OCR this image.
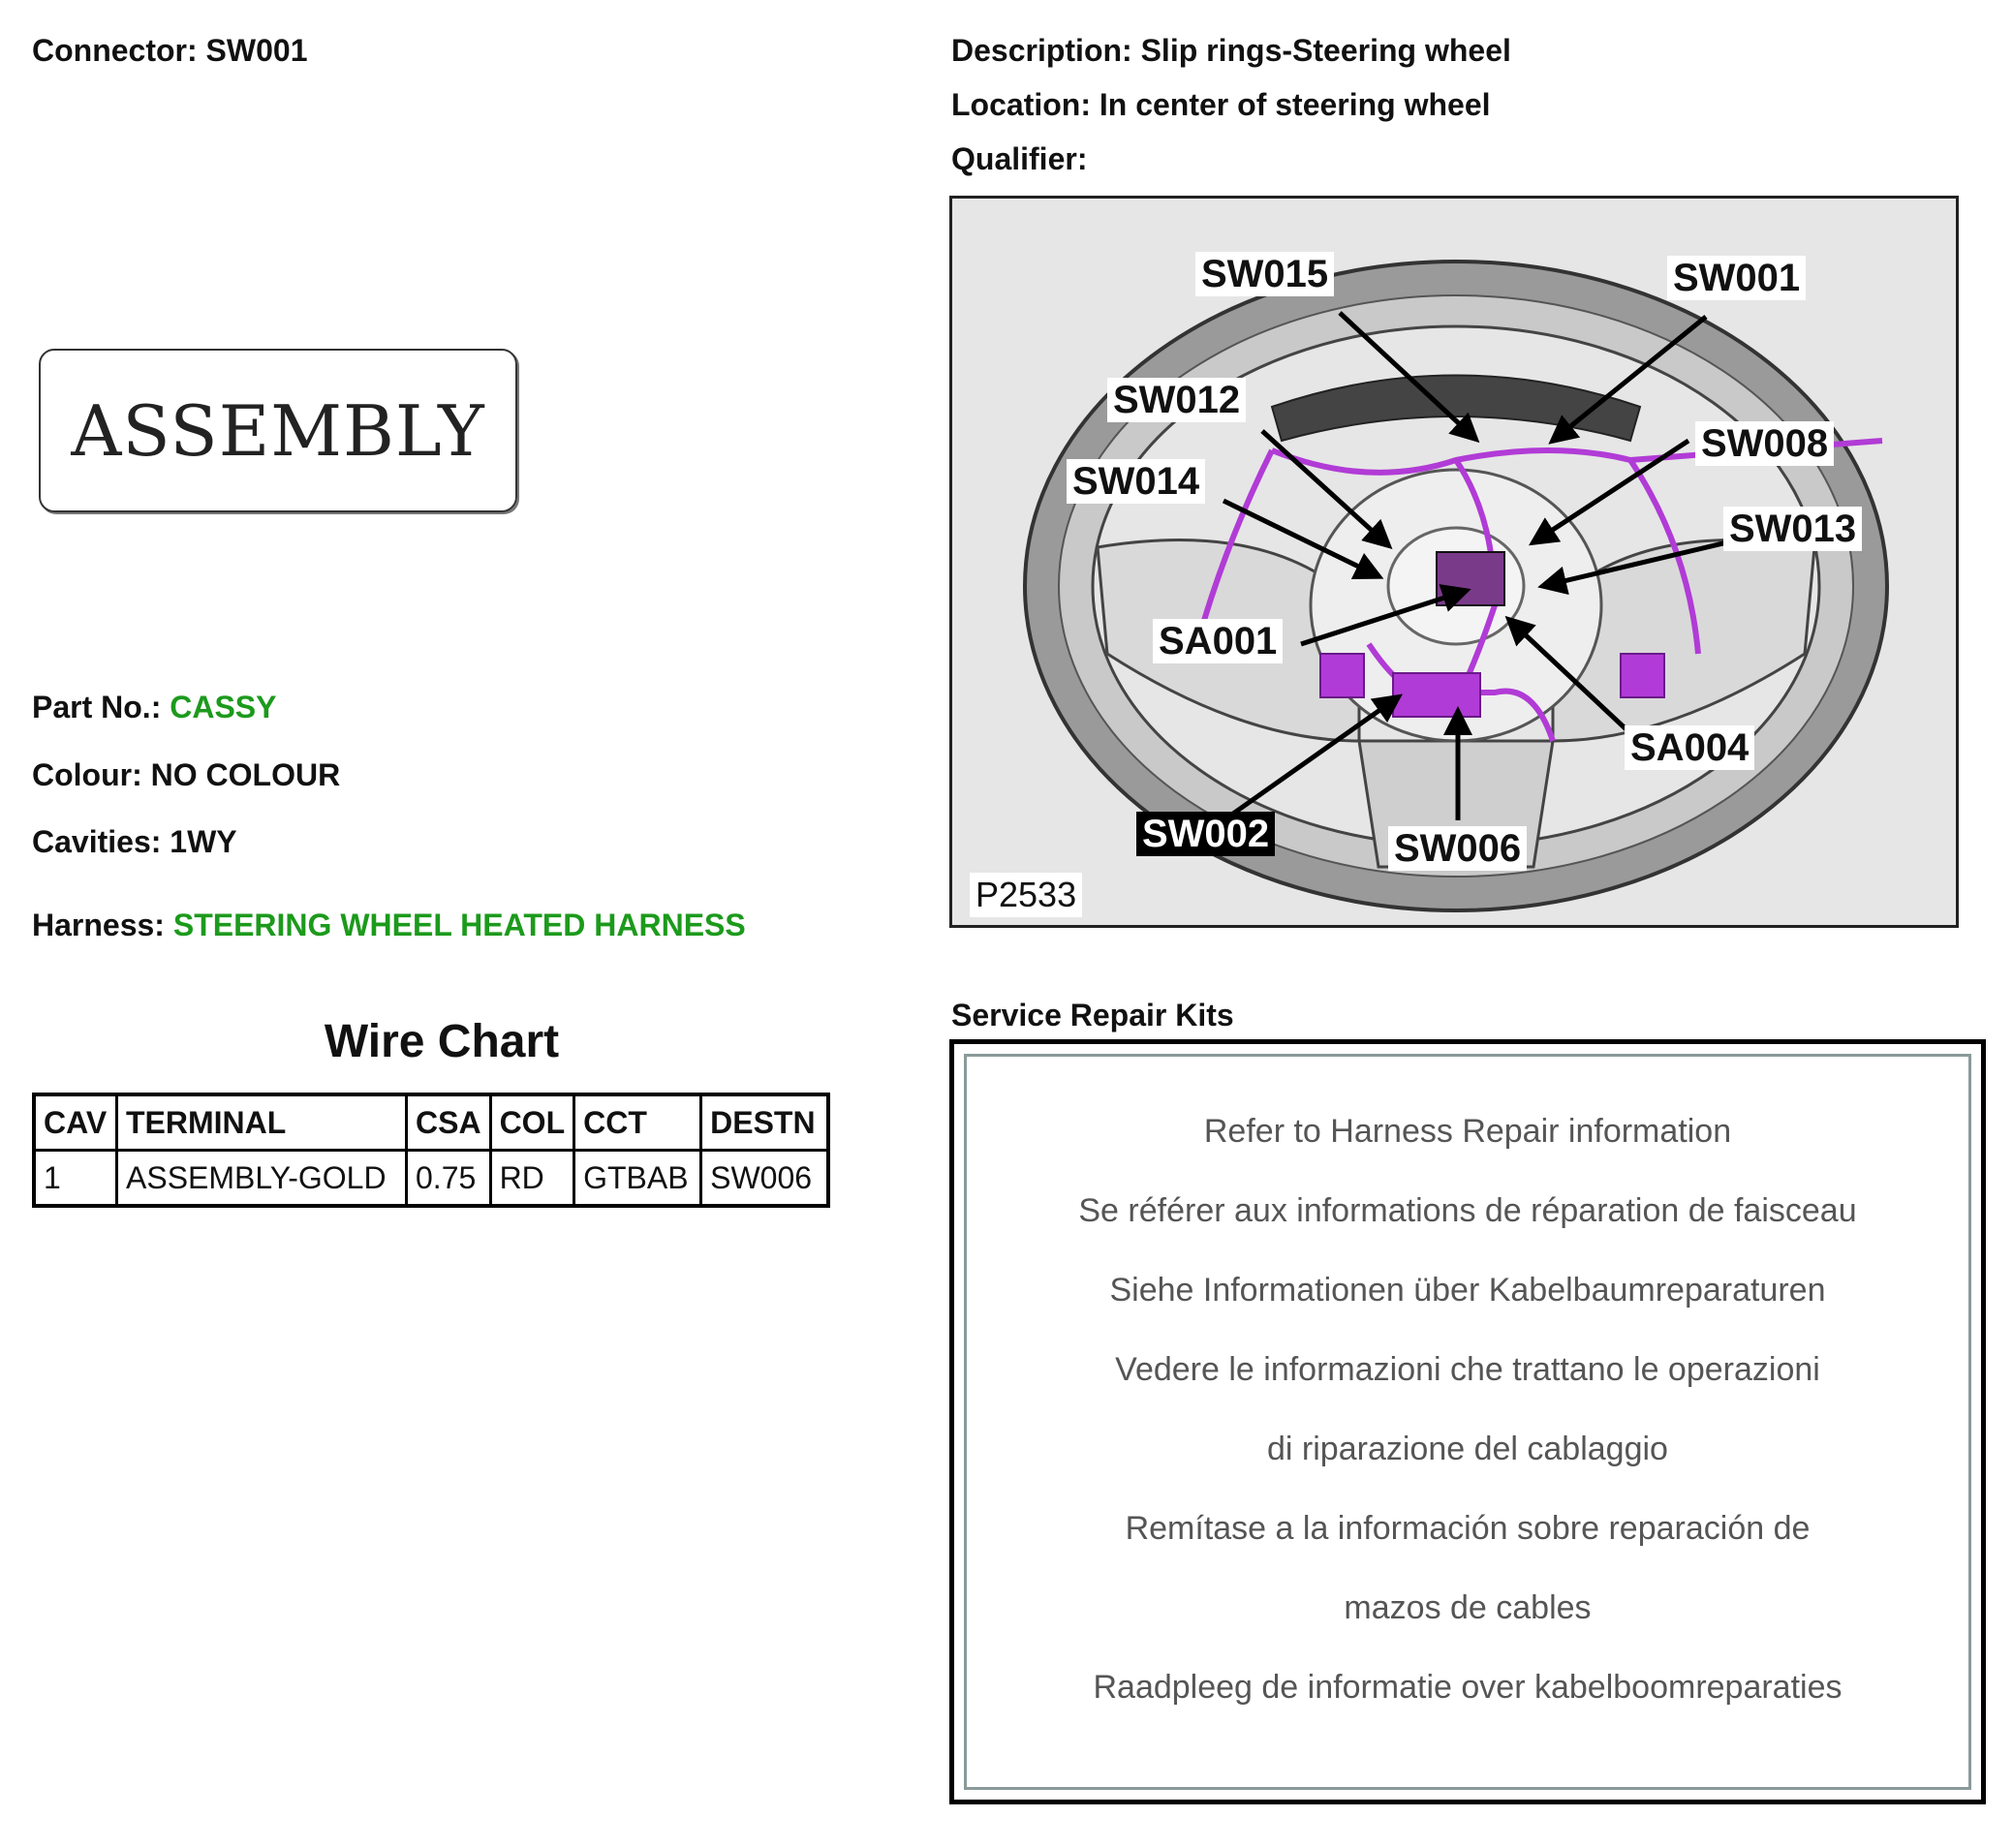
Connector: SW001
ASSEMBLY
Part No.: CASSY
Colour: NO COLOUR
Cavities: 1WY
Harness: STEERING WHEEL HEATED HARNESS
Wire Chart
CAV	TERMINAL	CSA	COL	CCT	DESTN
1	ASSEMBLY-GOLD	0.75	RD	GTBAB	SW006
Description: Slip rings-Steering wheel
Location: In center of steering wheel
Qualifier:
SW015	SW001
SW012
SW008
SW014
SW013
SA001
SA004
SW002	SW006
P2533
Service Repair Kits
Refer to Harness Repair information
Se référer aux informations de réparation de faisceau
Siehe Informationen über Kabelbaumreparaturen
Vedere le informazioni che trattano le operazioni
di riparazione del cablaggio
Remítase a la información sobre reparación de
mazos de cables
Raadpleeg de informatie over kabelboomreparaties
